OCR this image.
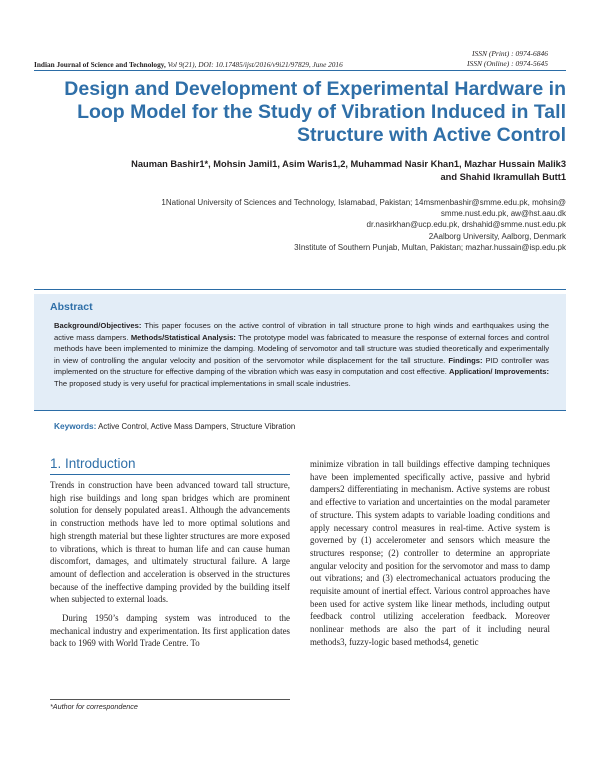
ISSN (Print) : 0974-6846
ISSN (Online) : 0974-5645
Indian Journal of Science and Technology, Vol 9(21), DOI: 10.17485/ijst/2016/v9i21/97829, June 2016
Design and Development of Experimental Hardware in Loop Model for the Study of Vibration Induced in Tall Structure with Active Control
Nauman Bashir1*, Mohsin Jamil1, Asim Waris1,2, Muhammad Nasir Khan1, Mazhar Hussain Malik3
and Shahid Ikramullah Butt1
1National University of Sciences and Technology, Islamabad, Pakistan; 14msmenbashir@smme.edu.pk, mohsin@
smme.nust.edu.pk, aw@hst.aau.dk
dr.nasirkhan@ucp.edu.pk, drshahid@smme.nust.edu.pk
2Aalborg University, Aalborg, Denmark
3Institute of Southern Punjab, Multan, Pakistan; mazhar.hussain@isp.edu.pk
Abstract
Background/Objectives: This paper focuses on the active control of vibration in tall structure prone to high winds and earthquakes using the active mass dampers. Methods/Statistical Analysis: The prototype model was fabricated to measure the response of external forces and control methods have been implemented to minimize the damping. Modeling of servomotor and tall structure was studied theoretically and experimentally in view of controlling the angular velocity and position of the servomotor while displacement for the tall structure. Findings: PID controller was implemented on the structure for effective damping of the vibration which was easy in computation and cost effective. Application/ Improvements: The proposed study is very useful for practical implementations in small scale industries.
Keywords: Active Control, Active Mass Dampers, Structure Vibration
1. Introduction

Trends in construction have been advanced toward tall structure, high rise buildings and long span bridges which are prominent solution for densely populated areas1. Although the advancements in construction methods have led to more optimal solutions and high strength material but these lighter structures are more exposed to vibrations, which is threat to human life and can cause human discomfort, damages, and ultimately structural failure. A large amount of deflection and acceleration is observed in the structures because of the ineffective damping provided by the building itself when subjected to external loads.

During 1950’s damping system was introduced to the mechanical industry and experimentation. Its first application dates back to 1969 with World Trade Centre. To

minimize vibration in tall buildings effective damping techniques have been implemented specifically active, passive and hybrid dampers2 differentiating in mechanism. Active systems are robust and effective to variation and uncertainties on the modal parameter of structure. This system adapts to variable loading conditions and apply necessary control measures in real-time. Active system is governed by (1) accelerometer and sensors which measure the structures response; (2) controller to determine an appropriate angular velocity and position for the servomotor and mass to damp out vibrations; and (3) electromechanical actuators producing the requisite amount of inertial effect. Various control approaches have been used for active system like linear methods, including output feedback control utilizing acceleration feedback. Moreover nonlinear methods are also the part of it including neural methods3, fuzzy-logic based methods4, genetic

*Author for correspondence
